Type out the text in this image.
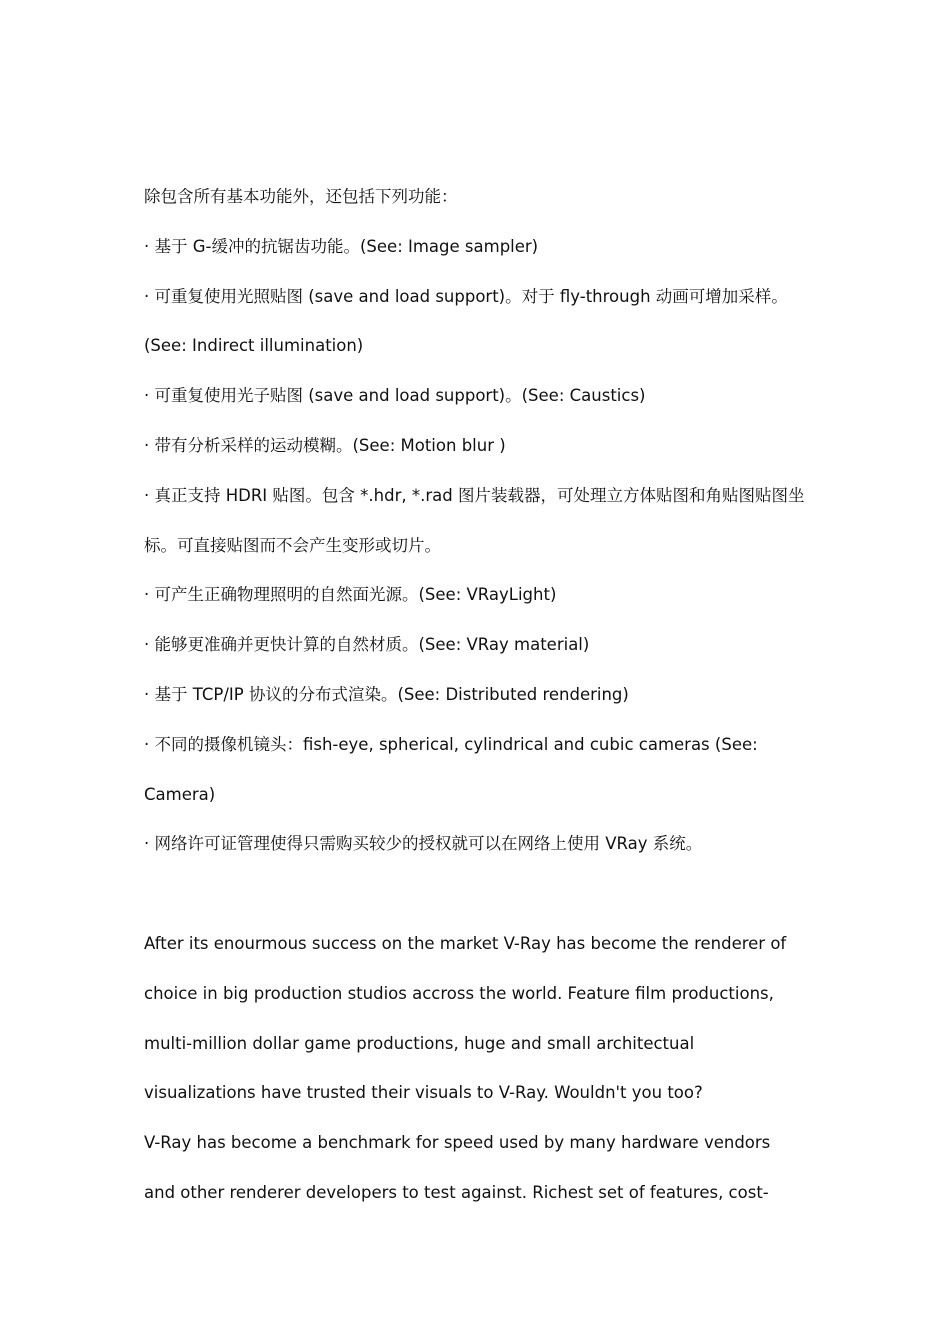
除包含所有基本功能外，还包括下列功能：

· 基于 G-缓冲的抗锯齿功能。(See: Image sampler)

· 可重复使用光照贴图 (save and load support)。对于 fly-through 动画可增加采样。

(See: Indirect illumination)

· 可重复使用光子贴图 (save and load support)。(See: Caustics)

· 带有分析采样的运动模糊。(See: Motion blur )

· 真正支持 HDRI 贴图。包含 *.hdr, *.rad 图片装载器，可处理立方体贴图和角贴图贴图坐

标。可直接贴图而不会产生变形或切片。

· 可产生正确物理照明的自然面光源。(See: VRayLight)

· 能够更准确并更快计算的自然材质。(See: VRay material)

· 基于 TCP/IP 协议的分布式渲染。(See: Distributed rendering)

· 不同的摄像机镜头：fish-eye, spherical, cylindrical and cubic cameras (See:

Camera)

· 网络许可证管理使得只需购买较少的授权就可以在网络上使用 VRay 系统。

After its enourmous success on the market V-Ray has become the renderer of

choice in big production studios accross the world. Feature film productions,

multi-million dollar game productions, huge and small architectual

visualizations have trusted their visuals to V-Ray. Wouldn't you too?

V-Ray has become a benchmark for speed used by many hardware vendors

and other renderer developers to test against. Richest set of features, cost-
